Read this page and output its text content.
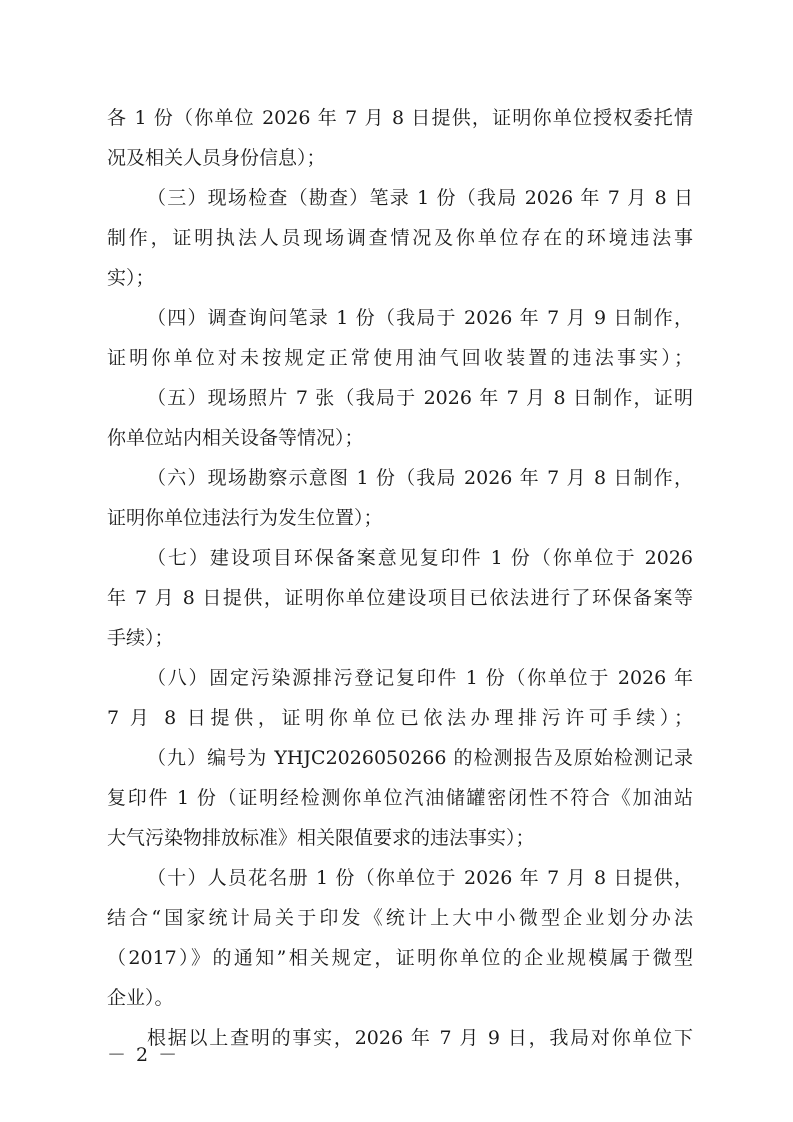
各 1 份（你单位 2026 年 7 月 8 日提供，证明你单位授权委托情
况及相关人员身份信息）；
（三）现场检查（勘查）笔录 1 份（我局 2026 年 7 月 8 日
制作，证明执法人员现场调查情况及你单位存在的环境违法事
实）；
（四）调查询问笔录 1 份（我局于 2026 年 7 月 9 日制作，
证明你单位对未按规定正常使用油气回收装置的违法事实）；
（五）现场照片 7 张（我局于 2026 年 7 月 8 日制作，证明
你单位站内相关设备等情况）；
（六）现场勘察示意图 1 份（我局 2026 年 7 月 8 日制作，
证明你单位违法行为发生位置）；
（七）建设项目环保备案意见复印件 1 份（你单位于 2026
年 7 月 8 日提供，证明你单位建设项目已依法进行了环保备案等
手续）；
（八）固定污染源排污登记复印件 1 份（你单位于 2026 年
7 月 8 日提供，证明你单位已依法办理排污许可手续）；
（九）编号为 YHJC2026050266 的检测报告及原始检测记录
复印件 1 份（证明经检测你单位汽油储罐密闭性不符合《加油站
大气污染物排放标准》相关限值要求的违法事实）；
（十）人员花名册 1 份（你单位于 2026 年 7 月 8 日提供，
结合“国家统计局关于印发《统计上大中小微型企业划分办法
（2017）》的通知”相关规定，证明你单位的企业规模属于微型
企业）。
根据以上查明的事实，2026 年 7 月 9 日，我局对你单位下
－ 2 －
